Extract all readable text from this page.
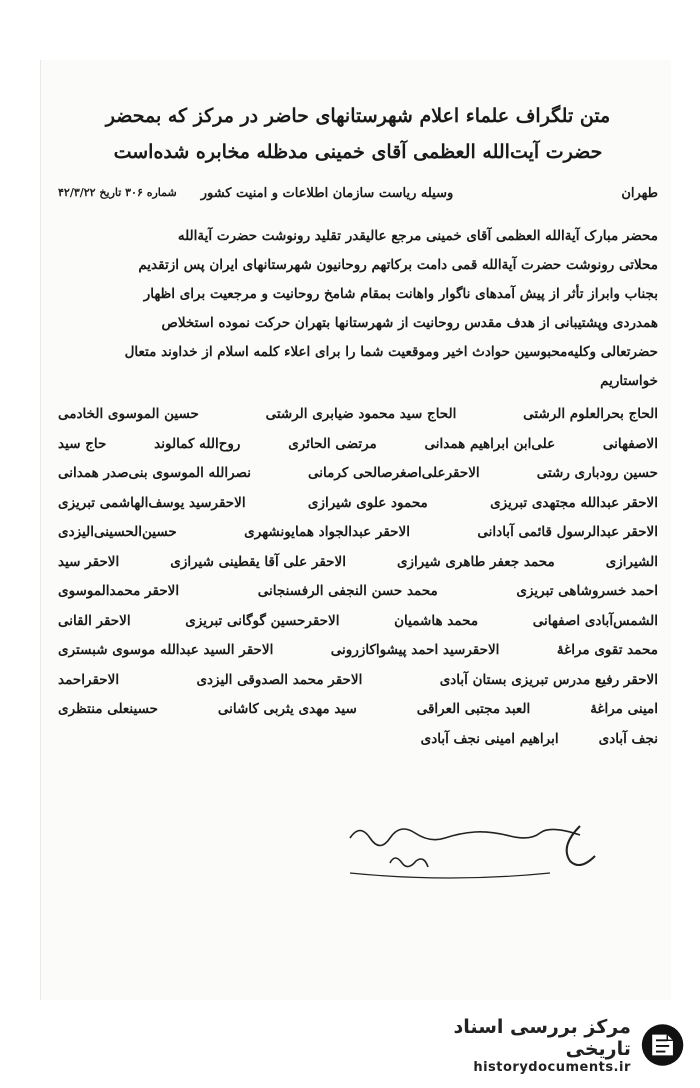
متن تلگراف علماء اعلام شهرستانهای حاضر در مرکز که بمحضر
حضرت آیت‌الله العظمی آقای خمینی مدظله مخابره شده‌است
طهران
وسیله ریاست سازمان اطلاعات و امنیت کشور
شماره ۳۰۶ تاریخ ۴۲/۳/۲۲
محضر مبارک آیةالله العظمی آقای خمینی مرجع عالیقدر تقلید رونوشت حضرت آیةالله
محلاتی رونوشت حضرت آیةالله قمی دامت برکاتهم روحانیون شهرستانهای ایران پس ازتقدیم
بجناب وابراز تأثر از پیش آمدهای ناگوار واهانت بمقام شامخ روحانیت و مرجعیت برای اظهار
همدردی وپشتیبانی از هدف مقدس روحانیت از شهرستانها بتهران حرکت نموده استخلاص
حضرتعالی وکلیه‌محبوسین حوادث اخیر وموقعیت شما را برای اعلاء کلمه اسلام از خداوند متعال
خواستاریم
الحاج بحرالعلوم الرشتی
الحاج سید محمود ضیابری الرشتی
حسین الموسوی الخادمی
الاصفهانی
علی‌ابن ابراهیم همدانی
مرتضی الحائری
روح‌الله کمالوند
حاج سید
حسین رودباری رشتی
الاحقرعلی‌اصغرصالحی کرمانی
نصرالله الموسوی بنی‌صدر همدانی
الاحقر عبدالله مجتهدی تبریزی
محمود علوی شیرازی
الاحقرسید یوسف‌الهاشمی تبریزی
الاحقر عبدالرسول قائمی آبادانی
الاحقر عبدالجواد همایونشهری
حسین‌الحسینی‌الیزدی
الشیرازی
محمد جعفر طاهری شیرازی
الاحقر علی آقا یقطینی شیرازی
الاحقر سید
احمد خسروشاهی تبریزی
محمد حسن النجفی الرفسنجانی
الاحقر محمدالموسوی
الشمس‌آبادی اصفهانی
محمد هاشمیان
الاحقرحسین گوگانی تبریزی
الاحقر القانی
محمد تقوی مراغهٔ
الاحقرسید احمد پیشواکازرونی
الاحقر السید عبدالله موسوی شبستری
الاحقر رفیع مدرس تبریزی بستان آبادی
الاحقر محمد الصدوقی الیزدی
الاحقراحمد
امینی مراغهٔ
العبد مجتبی العراقی
سید مهدی یثربی کاشانی
حسینعلی منتظری
نجف آبادی
ابراهیم امینی نجف آبادی
مرکز بررسی اسناد تاریخی
historydocuments.ir
